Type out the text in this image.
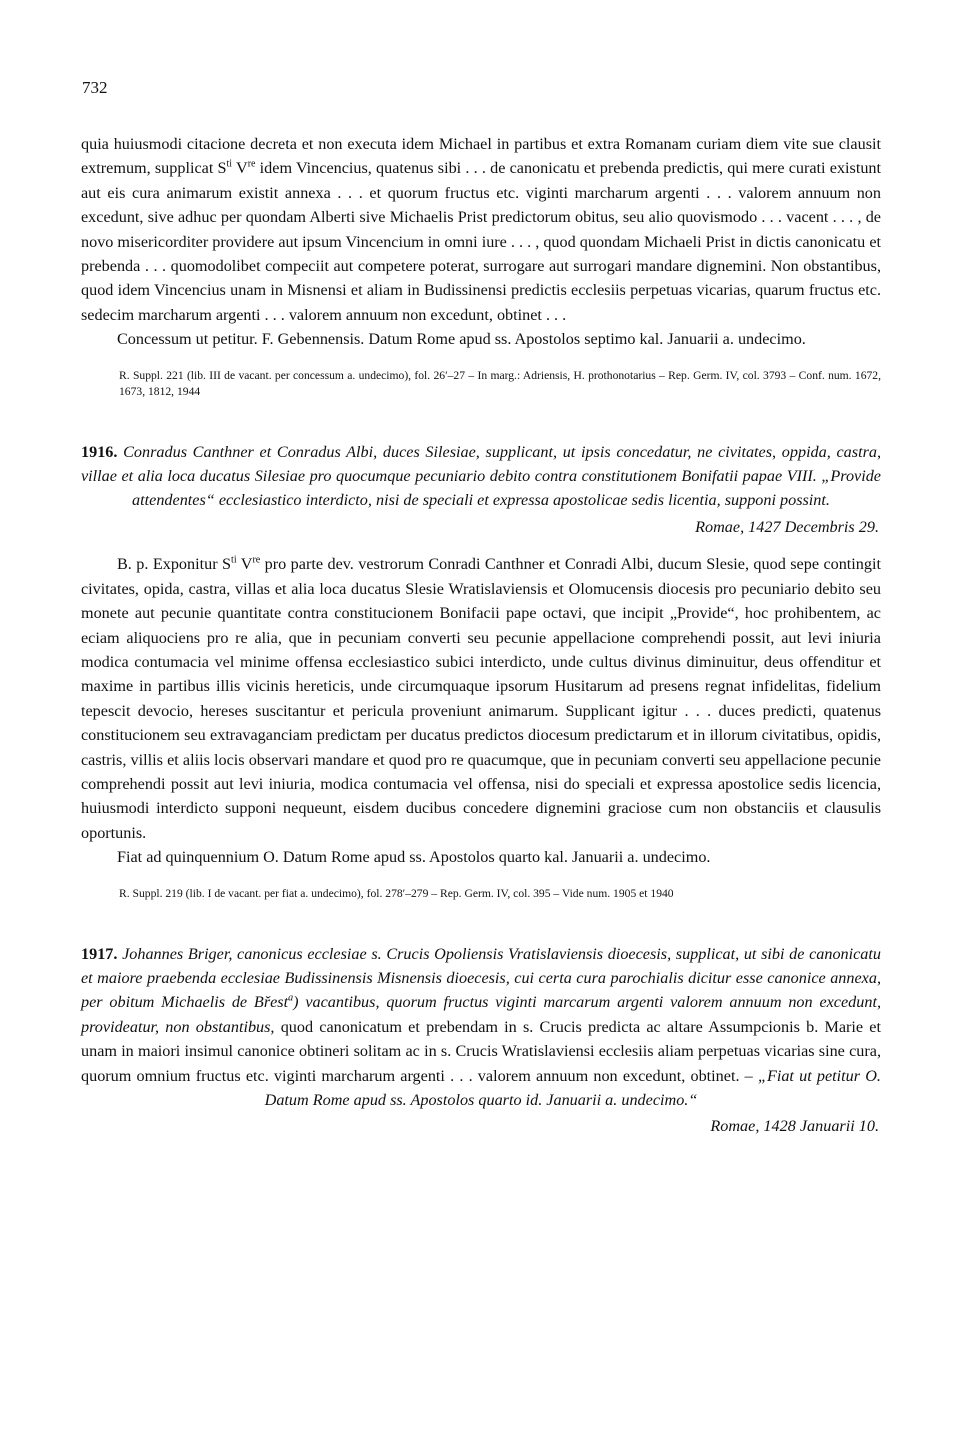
732

quia huiusmodi citacione decreta et non executa idem Michael in partibus et extra Romanam curiam diem vite sue clausit extremum, supplicat $S^{ti}$ Vre idem Vincencius, quatenus sibi . . . de canonicatu et prebenda predictis, qui mere curati existunt aut eis cura animarum existit annexa . . . et quorum fructus etc. viginti marcharum argenti . . . valorem annuum non excedunt, sive adhuc per quondam Alberti sive Michaelis Prist predictorum obitus, seu alio quovismodo . . . vacent . . . , de novo misericorditer providere aut ipsum Vincencium in omni iure . . . , quod quondam Michaeli Prist in dictis canonicatu et prebenda . . . quomodolibet compeciit aut competere poterat, surrogare aut surrogari mandare dignemini. Non obstantibus, quod idem Vincencius unam in Misnensi et aliam in Budissinensi predictis ecclesiis perpetuas vicarias, quarum fructus etc. sedecim marcharum argenti . . . valorem annuum non excedunt, obtinet . . .

Concessum ut petitur. F. Gebennensis. Datum Rome apud ss. Apostolos septimo kal. Januarii a. undecimo.

R. Suppl. 221 (lib. III de vacant. per concessum a. undecimo), fol. 26′–27 – In marg.: Adriensis, H. prothonotarius – Rep. Germ. IV, col. 3793 – Conf. num. 1672, 1673, 1812, 1944

1916. Conradus Canthner et Conradus Albi, duces Silesiae, supplicant, ut ipsis concedatur, ne civitates, oppida, castra, villae et alia loca ducatus Silesiae pro quocumque pecuniario debito contra constitutionem Bonifatii papae VIII. „Provide attendentes“ ecclesiastico interdicto, nisi de speciali et expressa apostolicae sedis licentia, supponi possint.

Romae, 1427 Decembris 29.

B. p. Exponitur $S^{ti}$ Vre pro parte dev. vestrorum Conradi Canthner et Conradi Albi, ducum Slesie, quod sepe contingit civitates, opida, castra, villas et alia loca ducatus Slesie Wratislaviensis et Olomucensis diocesis pro pecuniario debito seu monete aut pecunie quantitate contra constitucionem Bonifacii pape octavi, que incipit „Provide“, hoc prohibentem, ac eciam aliquociens pro re alia, que in pecuniam converti seu pecunie appellacione comprehendi possit, aut levi iniuria modica contumacia vel minime offensa ecclesiastico subici interdicto, unde cultus divinus diminuitur, deus offenditur et maxime in partibus illis vicinis hereticis, unde circumquaque ipsorum Husitarum ad presens regnat infidelitas, fidelium tepescit devocio, hereses suscitantur et pericula proveniunt animarum. Supplicant igitur . . . duces predicti, quatenus constitucionem seu extravaganciam predictam per ducatus predictos diocesum predictarum et in illorum civitatibus, opidis, castris, villis et aliis locis observari mandare et quod pro re quacumque, que in pecuniam converti seu appellacione pecunie comprehendi possit aut levi iniuria, modica contumacia vel offensa, nisi do speciali et expressa apostolice sedis licencia, huiusmodi interdicto supponi nequeunt, eisdem ducibus concedere dignemini graciose cum non obstanciis et clausulis oportunis.

Fiat ad quinquennium O. Datum Rome apud ss. Apostolos quarto kal. Januarii a. undecimo.

R. Suppl. 219 (lib. I de vacant. per fiat a. undecimo), fol. 278′–279 – Rep. Germ. IV, col. 395 – Vide num. 1905 et 1940

1917. Johannes Briger, canonicus ecclesiae s. Crucis Opoliensis Vratislaviensis dioecesis, supplicat, ut sibi de canonicatu et maiore praebenda ecclesiae Budissinensis Misnensis dioecesis, cui certa cura parochialis dicitur esse canonice annexa, per obitum Michaelis de Břest$^a$) vacantibus, quorum fructus viginti marcarum argenti valorem annuum non excedunt, provideatur, non obstantibus, quod canonicatum et prebendam in s. Crucis predicta ac altare Assumpcionis b. Marie et unam in maiori insimul canonice obtineri solitam ac in s. Crucis Wratislaviensi ecclesiis aliam perpetuas vicarias sine cura, quorum omnium fructus etc. viginti marcharum argenti . . . valorem annuum non excedunt, obtinet. – „Fiat ut petitur O. Datum Rome apud ss. Apostolos quarto id. Januarii a. undecimo.“

Romae, 1428 Januarii 10.
